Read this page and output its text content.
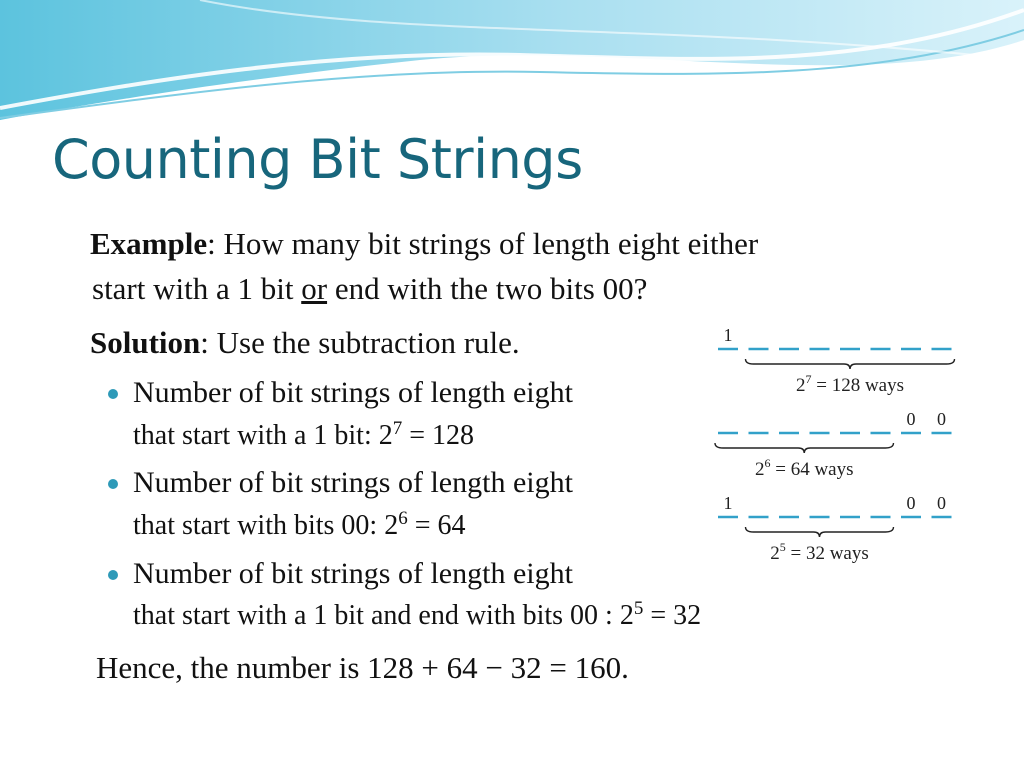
Counting Bit Strings
Example: How many bit strings of length eight either
start with a 1 bit or end with the two bits 00?
Solution: Use the subtraction rule.
Number of bit strings of length eight
that start with a 1 bit: $2^7 = 128$
Number of bit strings of length eight
that start with bits 00: $2^6 = 64$
Number of bit strings of length eight
that start with a 1 bit and end with bits 00 : $2^5 = 32$
Hence, the number is 128 + 64 − 32 = 160.
1
$2^7 = 128$ ways
0 0
$2^6 = 64$ ways
1	0 0
$2^5 = 32$ ways
